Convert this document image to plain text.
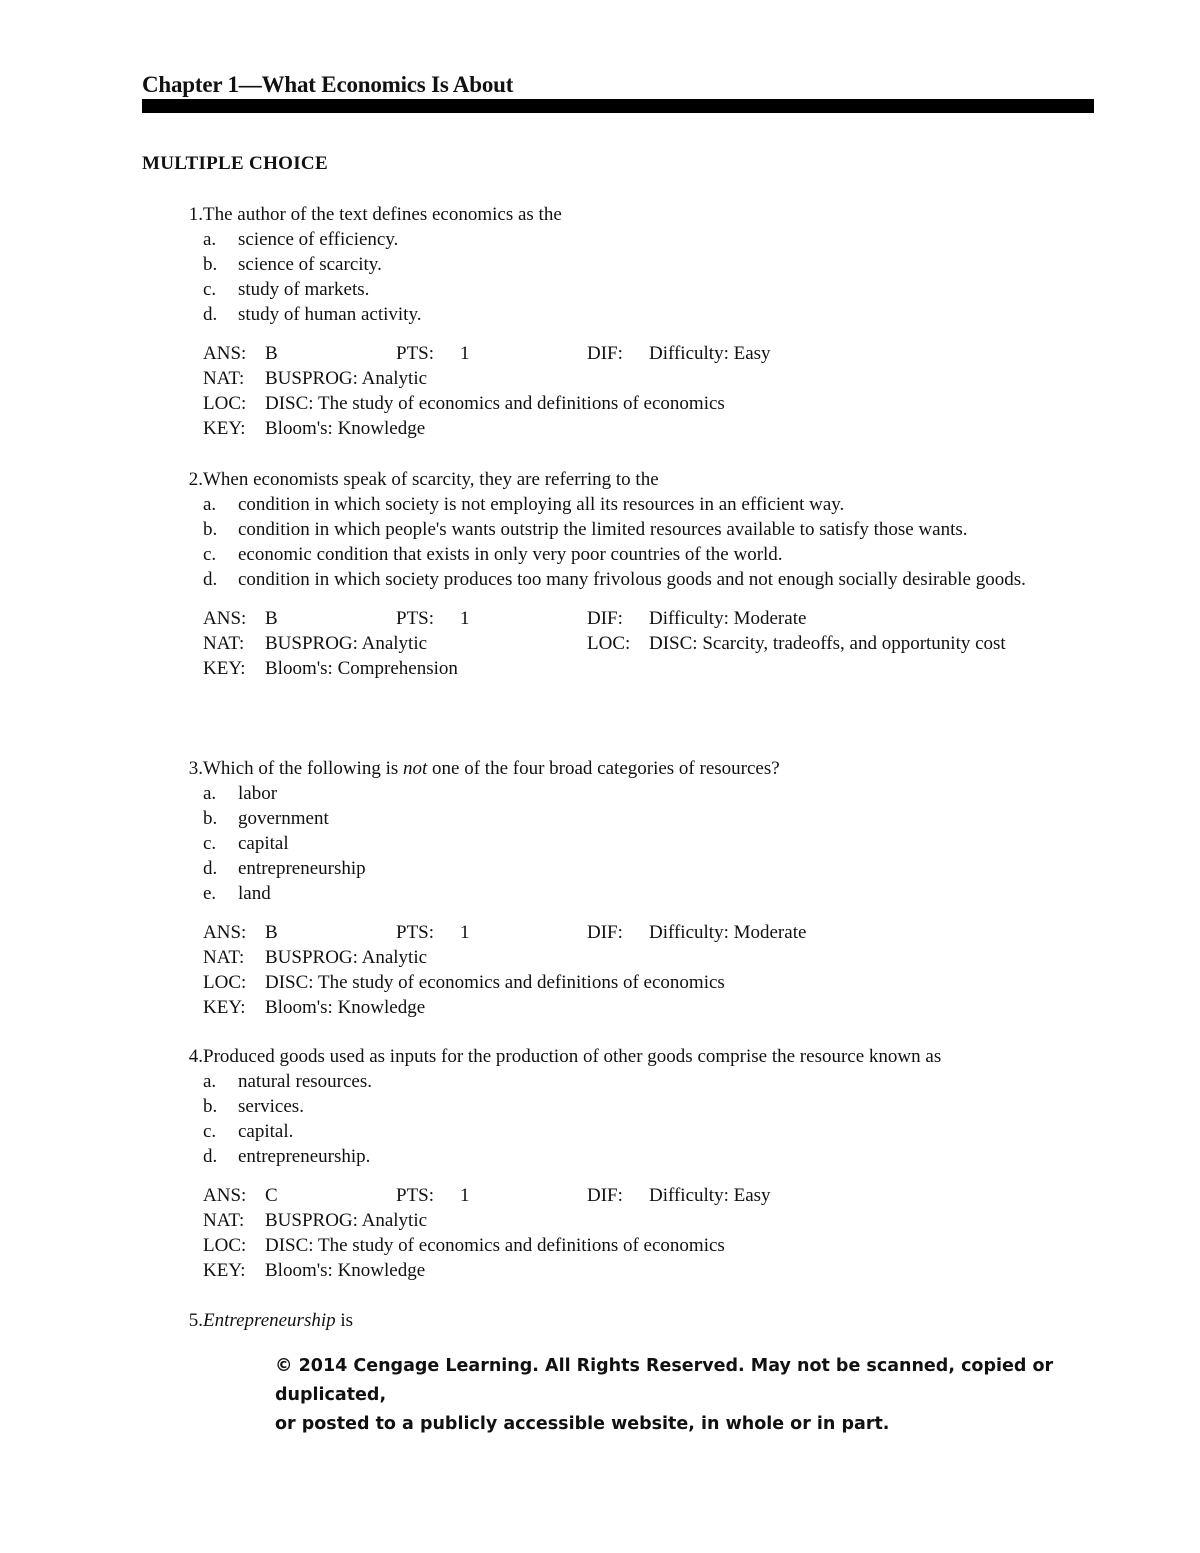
Chapter 1—What Economics Is About
MULTIPLE CHOICE
1. The author of the text defines economics as the
a.	science of efficiency.
b.	science of scarcity.
c.	study of markets.
d.	study of human activity.
ANS: B	PTS:	1	DIF:	Difficulty: Easy
NAT:	BUSPROG: Analytic
LOC: DISC: The study of economics and definitions of economics
KEY:	Bloom's: Knowledge
2. When economists speak of scarcity, they are referring to the
a.	condition in which society is not employing all its resources in an efficient way.
b.	condition in which people's wants outstrip the limited resources available to satisfy those wants.
c.	economic condition that exists in only very poor countries of the world.
d.	condition in which society produces too many frivolous goods and not enough socially desirable goods.
ANS: B	PTS:	1	DIF:	Difficulty: Moderate
NAT:	BUSPROG: Analytic	LOC: DISC: Scarcity, tradeoffs, and opportunity cost
KEY:	Bloom's: Comprehension
3. Which of the following is not one of the four broad categories of resources?
a.	labor
b.	government
c.	capital
d.	entrepreneurship
e.	land
ANS: B	PTS:	1	DIF:	Difficulty: Moderate
NAT:	BUSPROG: Analytic
LOC: DISC: The study of economics and definitions of economics
KEY:	Bloom's: Knowledge
4. Produced goods used as inputs for the production of other goods comprise the resource known as
a.	natural resources.
b.	services.
c.	capital.
d.	entrepreneurship.
ANS: C	PTS:	1	DIF:	Difficulty: Easy
NAT:	BUSPROG: Analytic
LOC: DISC: The study of economics and definitions of economics
KEY:	Bloom's: Knowledge
5. Entrepreneurship is
© 2014 Cengage Learning. All Rights Reserved. May not be scanned, copied or duplicated,
or posted to a publicly accessible website, in whole or in part.
